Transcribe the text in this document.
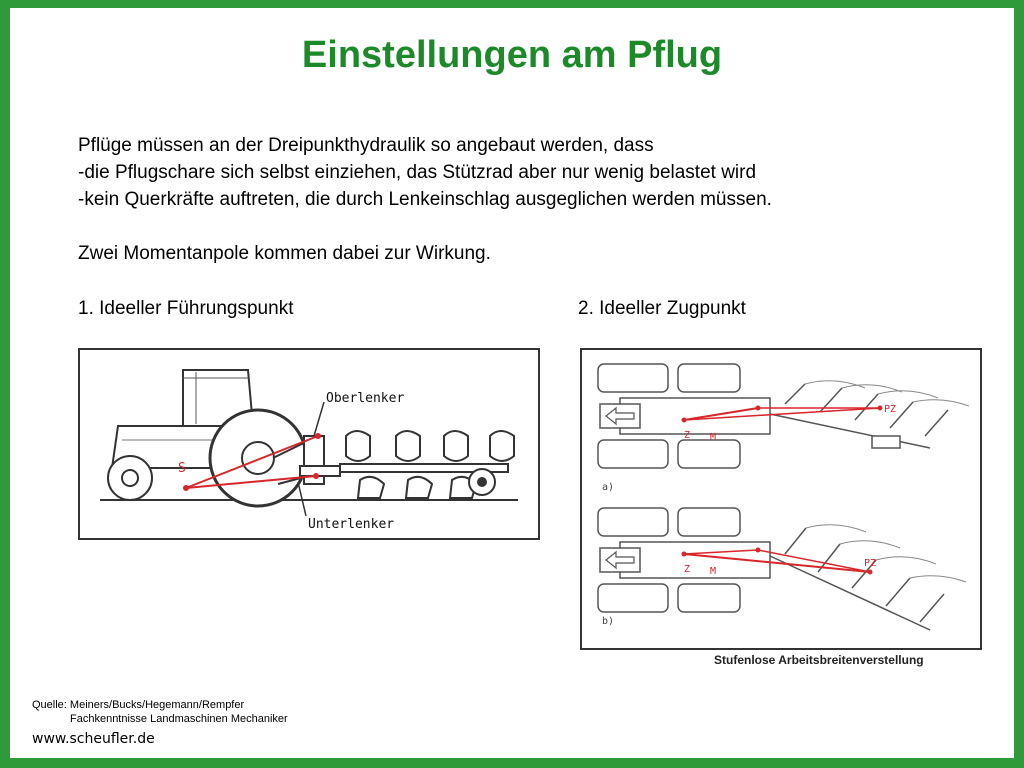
Einstellungen am Pflug

Pflüge müssen an der Dreipunkthydraulik so angebaut werden, dass

-die Pflugschare sich selbst einziehen, das Stützrad aber nur wenig belastet wird

-kein Querkräfte auftreten, die durch Lenkeinschlag ausgeglichen werden müssen.

Zwei Momentanpole kommen dabei zur Wirkung.

1. Ideeller Führungspunkt	2. Ideeller Zugpunkt
Oberlenker
Unterlenker
S
Z M
PZ
a)
Z M
PZ
b)
Stufenlose Arbeitsbreitenverstellung
Quelle: Meiners/Bucks/Hegemann/Rempfer
Fachkenntnisse Landmaschinen Mechaniker
www.scheufler.de
